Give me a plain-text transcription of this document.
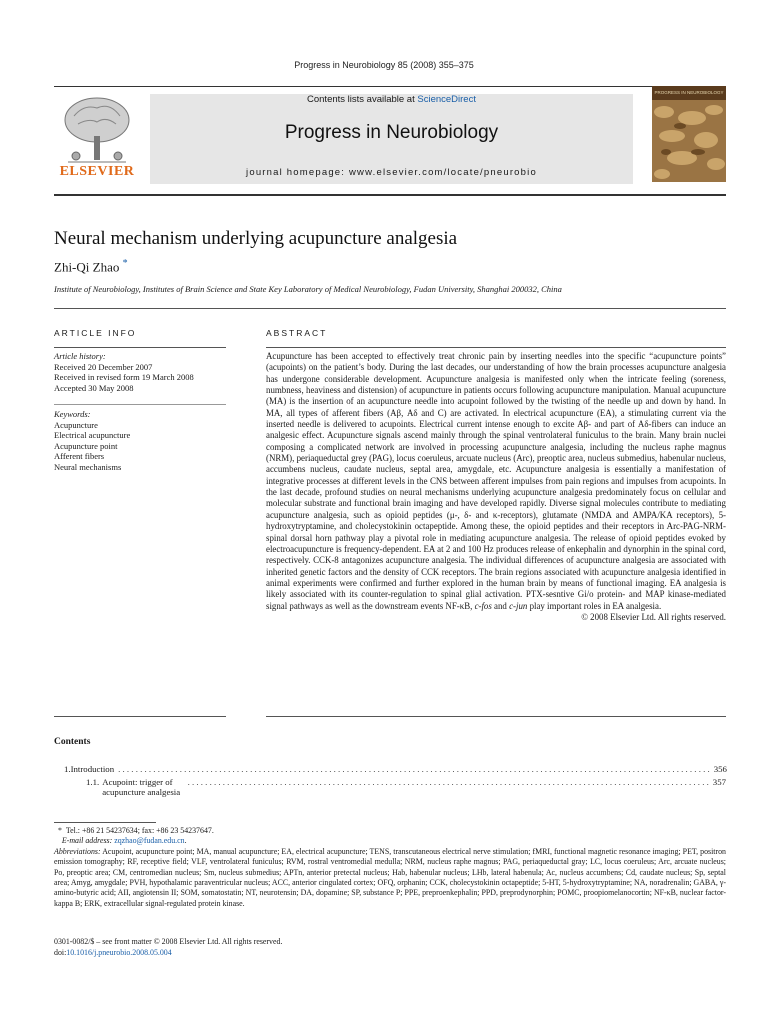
Progress in Neurobiology 85 (2008) 355–375
ELSEVIER
Contents lists available at ScienceDirect
Progress in Neurobiology
journal homepage: www.elsevier.com/locate/pneurobio
PROGRESS IN NEUROBIOLOGY
Neural mechanism underlying acupuncture analgesia
Zhi-Qi Zhao *
Institute of Neurobiology, Institutes of Brain Science and State Key Laboratory of Medical Neurobiology, Fudan University, Shanghai 200032, China
ARTICLE INFO	ABSTRACT
Article history:
Received 20 December 2007
Received in revised form 19 March 2008
Accepted 30 May 2008
Keywords:
Acupuncture
Electrical acupuncture
Acupuncture point
Afferent fibers
Neural mechanisms
Acupuncture has been accepted to effectively treat chronic pain by inserting needles into the specific “acupuncture points” (acupoints) on the patient’s body. During the last decades, our understanding of how the brain processes acupuncture analgesia has undergone considerable development. Acupuncture analgesia is manifested only when the intricate feeling (soreness, numbness, heaviness and distension) of acupuncture in patients occurs following acupuncture manipulation. Manual acupuncture (MA) is the insertion of an acupuncture needle into acupoint followed by the twisting of the needle up and down by hand. In MA, all types of afferent fibers (Aβ, Aδ and C) are activated. In electrical acupuncture (EA), a stimulating current via the inserted needle is delivered to acupoints. Electrical current intense enough to excite Aβ- and part of Aδ-fibers can induce an analgesic effect. Acupuncture signals ascend mainly through the spinal ventrolateral funiculus to the brain. Many brain nuclei composing a complicated network are involved in processing acupuncture analgesia, including the nucleus raphe magnus (NRM), periaqueductal grey (PAG), locus coeruleus, arcuate nucleus (Arc), preoptic area, nucleus submedius, habenular nucleus, accumbens nucleus, caudate nucleus, septal area, amygdale, etc. Acupuncture analgesia is essentially a manifestation of integrative processes at different levels in the CNS between afferent impulses from pain regions and impulses from acupoints. In the last decade, profound studies on neural mechanisms underlying acupuncture analgesia predominately focus on cellular and molecular substrate and functional brain imaging and have developed rapidly. Diverse signal molecules contribute to mediating acupuncture analgesia, such as opioid peptides (μ-, δ- and κ-receptors), glutamate (NMDA and AMPA/KA receptors), 5-hydroxytryptamine, and cholecystokinin octapeptide. Among these, the opioid peptides and their receptors in Arc-PAG-NRM-spinal dorsal horn pathway play a pivotal role in mediating acupuncture analgesia. The release of opioid peptides evoked by electroacupuncture is frequency-dependent. EA at 2 and 100 Hz produces release of enkephalin and dynorphin in the spinal cord, respectively. CCK-8 antagonizes acupuncture analgesia. The individual differences of acupuncture analgesia are associated with inherited genetic factors and the density of CCK receptors. The brain regions associated with acupuncture analgesia identified in animal experiments were confirmed and further explored in the human brain by means of functional imaging. EA analgesia is likely associated with its counter-regulation to spinal glial activation. PTX-sesntive Gi/o protein- and MAP kinase-mediated signal pathways as well as the downstream events NF-κB, c-fos and c-jun play important roles in EA analgesia.
© 2008 Elsevier Ltd. All rights reserved.
Contents
1. Introduction . . . . . . . . . . . . . . . . . . . . . . . . . . . . . . . . . . . . . . . . . . . . . . . . . . . . . . . . . . . . . . . . . . . . . . . . . . . . . . . . . . . . . . . . . . . . . . . . . . . . . . . . . . . . . . . . . . . . . . . . . . . . . . . . . . . . . . . 356
1.1. Acupoint: trigger of acupuncture analgesia
. . . . . . . . . . . . . . . . . . . . . . . . . . . . . . . . . . . . . . . . . . . . . . . . . . . . . . . . . . . . . . . . . . . . . . . . . . . . . . . . . . . . . . . . . . . . . . . . . . . . . . . . . . . . . . . . . . . . . . . 357
* Tel.: +86 21 54237634; fax: +86 23 54237647.
E-mail address: zqzhao@fudan.edu.cn.
Abbreviations: Acupoint, acupuncture point; MA, manual acupuncture; EA, electrical acupuncture; TENS, transcutaneous electrical nerve stimulation; fMRI, functional magnetic resonance imaging; PET, positron emission tomography; RF, receptive field; VLF, ventrolateral funiculus; RVM, rostral ventromedial medulla; NRM, nucleus raphe magnus; PAG, periaqueductal gray; LC, locus coeruleus; Arc, arcuate nucleus; Po, preoptic area; CM, centromedian nucleus; Sm, nucleus submedius; APTn, anterior pretectal nucleus; Hab, habenular nucleus; LHb, lateral habenula; Ac, nucleus accumbens; Cd, caudate nucleus; Sp, septal area; Amyg, amygdale; PVH, hypothalamic paraventricular nucleus; ACC, anterior cingulated cortex; OFQ, orphanin; CCK, cholecystokinin octapeptide; 5-HT, 5-hydroxytryptamine; NA, noradrenalin; GABA, γ-amino-butyric acid; AII, angiotensin II; SOM, somatostatin; NT, neurotensin; DA, dopamine; SP, substance P; PPE, preproenkephalin; PPD, preprodynorphin; POMC, proopiomelanocortin; NF-κB, nuclear factor-kappa B; ERK, extracellular signal-regulated protein kinase.
0301-0082/$ – see front matter © 2008 Elsevier Ltd. All rights reserved.
doi:10.1016/j.pneurobio.2008.05.004
